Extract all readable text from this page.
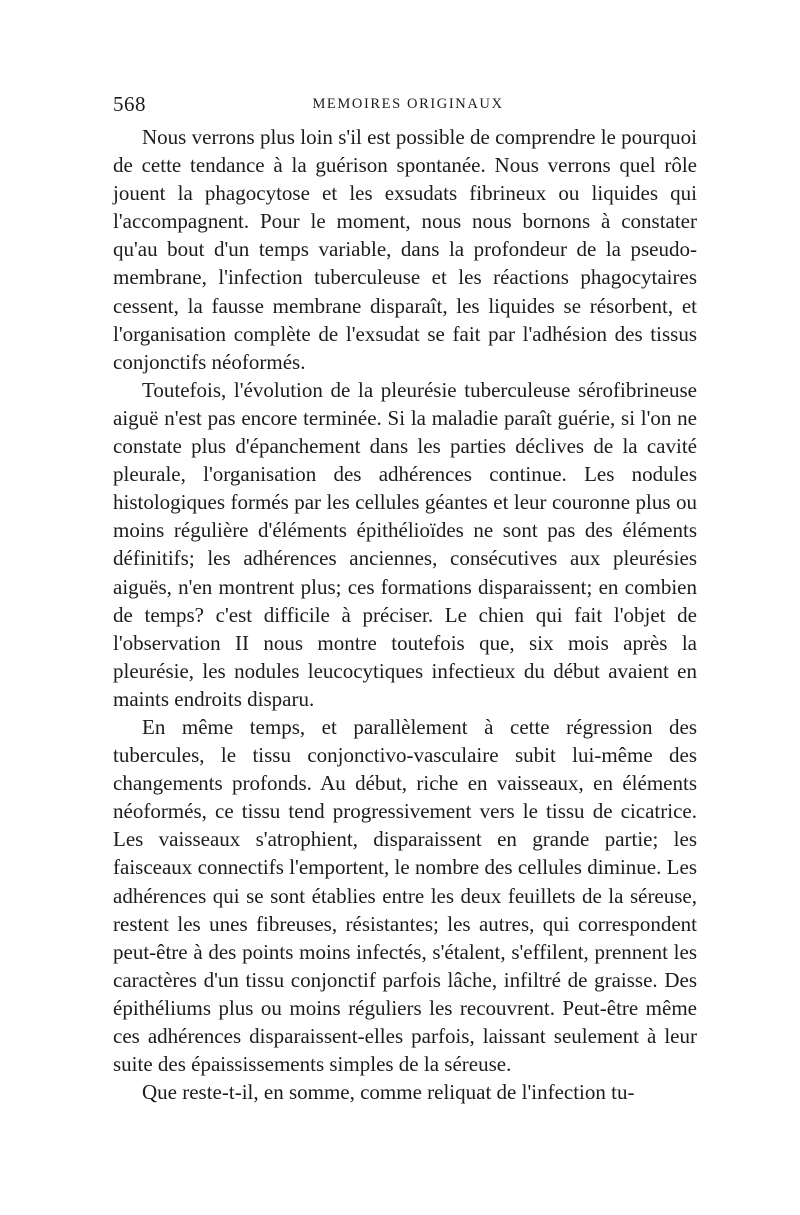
568	MEMOIRES ORIGINAUX

Nous verrons plus loin s'il est possible de comprendre le pourquoi de cette tendance à la guérison spontanée. Nous verrons quel rôle jouent la phagocytose et les exsudats fibrineux ou liquides qui l'accompagnent. Pour le moment, nous nous bornons à constater qu'au bout d'un temps variable, dans la profondeur de la pseudo-membrane, l'infection tuberculeuse et les réactions phagocytaires cessent, la fausse membrane disparaît, les liquides se résorbent, et l'organisation complète de l'exsudat se fait par l'adhésion des tissus conjonctifs néoformés.

Toutefois, l'évolution de la pleurésie tuberculeuse sérofibrineuse aiguë n'est pas encore terminée. Si la maladie paraît guérie, si l'on ne constate plus d'épanchement dans les parties déclives de la cavité pleurale, l'organisation des adhérences continue. Les nodules histologiques formés par les cellules géantes et leur couronne plus ou moins régulière d'éléments épithélioïdes ne sont pas des éléments définitifs; les adhérences anciennes, consécutives aux pleurésies aiguës, n'en montrent plus; ces formations disparaissent; en combien de temps? c'est difficile à préciser. Le chien qui fait l'objet de l'observation II nous montre toutefois que, six mois après la pleurésie, les nodules leucocytiques infectieux du début avaient en maints endroits disparu.

En même temps, et parallèlement à cette régression des tubercules, le tissu conjonctivo-vasculaire subit lui-même des changements profonds. Au début, riche en vaisseaux, en éléments néoformés, ce tissu tend progressivement vers le tissu de cicatrice. Les vaisseaux s'atrophient, disparaissent en grande partie; les faisceaux connectifs l'emportent, le nombre des cellules diminue. Les adhérences qui se sont établies entre les deux feuillets de la séreuse, restent les unes fibreuses, résistantes; les autres, qui correspondent peut-être à des points moins infectés, s'étalent, s'effilent, prennent les caractères d'un tissu conjonctif parfois lâche, infiltré de graisse. Des épithéliums plus ou moins réguliers les recouvrent. Peut-être même ces adhérences disparaissent-elles parfois, laissant seulement à leur suite des épaississements simples de la séreuse.

Que reste-t-il, en somme, comme reliquat de l'infection tu-
